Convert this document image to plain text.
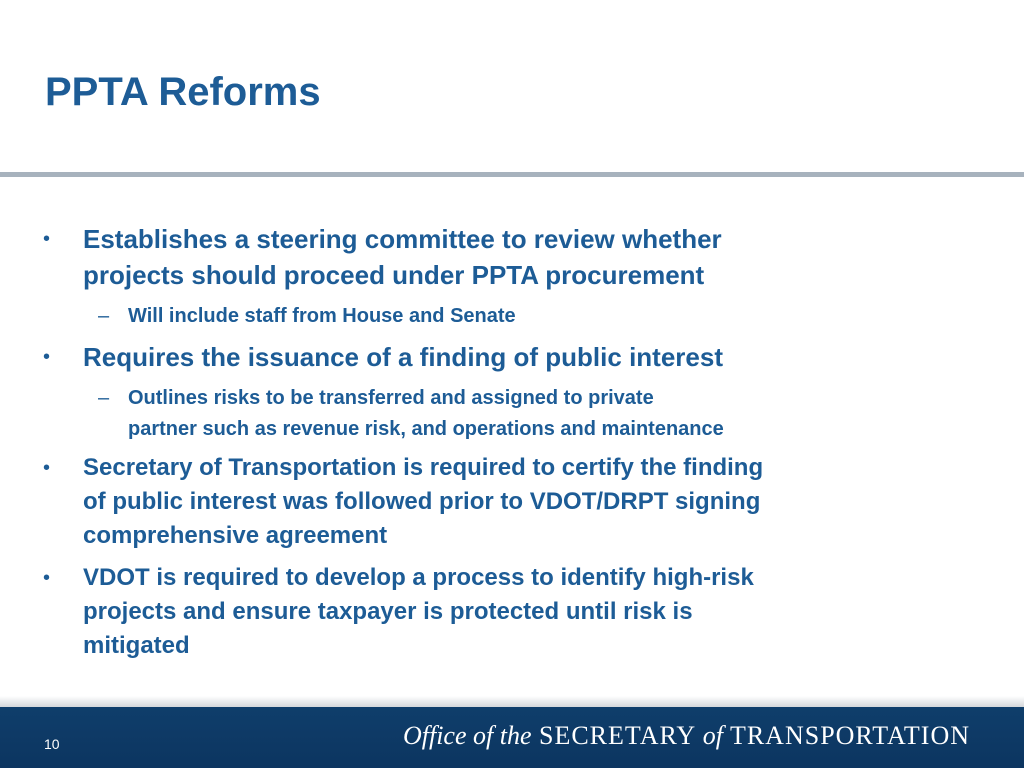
PPTA Reforms
• Establishes a steering committee to review whether

projects should proceed under PPTA procurement

– Will include staff from House and Senate

• Requires the issuance of a finding of public interest

– Outlines risks to be transferred and assigned to private

partner such as revenue risk, and operations and maintenance

• Secretary of Transportation is required to certify the finding

of public interest was followed prior to VDOT/DRPT signing

comprehensive agreement

• VDOT is required to develop a process to identify high-risk

projects and ensure taxpayer is protected until risk is

mitigated

10	Office of the SECRETARY of TRANSPORTATION
